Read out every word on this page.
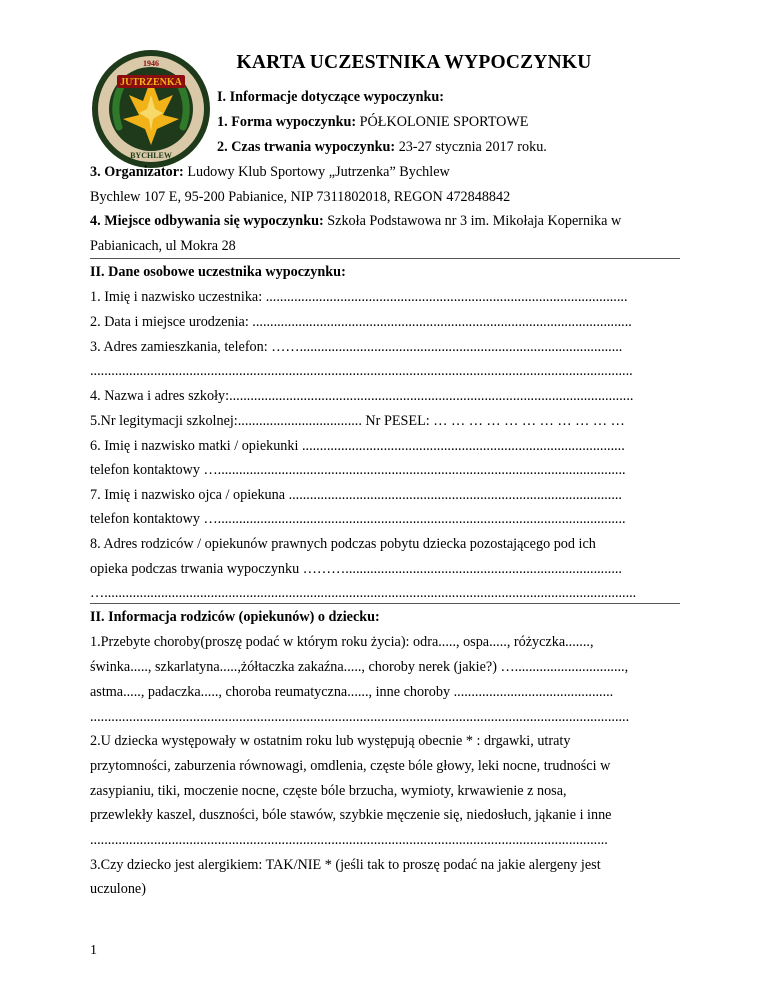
KARTA UCZESTNIKA WYPOCZYNKU
JUTRZENKA
1946
BYCHLEW

I. Informacje dotyczące wypoczynku:

1. Forma wypoczynku: PÓŁKOLONIE SPORTOWE

2. Czas trwania wypoczynku: 23-27 stycznia 2017 roku.

3. Organizator: Ludowy Klub Sportowy „Jutrzenka” Bychlew

Bychlew 107 E, 95-200 Pabianice, NIP 7311802018, REGON 472848842

4. Miejsce odbywania się wypoczynku: Szkoła Podstawowa nr 3 im. Mikołaja Kopernika w

Pabianicach, ul Mokra 28

II. Dane osobowe uczestnika wypoczynku:

1. Imię i nazwisko uczestnika: ......................................................................................................

2. Data i miejsce urodzenia: ...........................................................................................................

3. Adres zamieszkania, telefon: ……...........................................................................................

.........................................................................................................................................................

4. Nazwa i adres szkoły:..................................................................................................................

5.Nr legitymacji szkolnej:................................... Nr PESEL: … … … … … … … … … … …

6. Imię i nazwisko matki / opiekunki ...........................................................................................

telefon kontaktowy …...................................................................................................................

7. Imię i nazwisko ojca / opiekuna ..............................................................................................

telefon kontaktowy …...................................................................................................................

8. Adres rodziców / opiekunów prawnych podczas pobytu dziecka pozostającego pod ich

opieka podczas trwania wypoczynku ………..............................................................................

…......................................................................................................................................................

II. Informacja rodziców (opiekunów) o dziecku:

1.Przebyte choroby(proszę podać w którym roku życia): odra....., ospa....., różyczka.......,

świnka....., szkarlatyna.....,żółtaczka zakaźna....., choroby nerek (jakie?) …...............................,

astma....., padaczka....., choroba reumatyczna......, inne choroby .............................................

........................................................................................................................................................

2.U dziecka występowały w ostatnim roku lub występują obecnie * : drgawki, utraty

przytomności, zaburzenia równowagi, omdlenia, częste bóle głowy, leki nocne, trudności w

zasypianiu, tiki, moczenie nocne, częste bóle brzucha, wymioty, krwawienie z nosa,

przewlekły kaszel, duszności, bóle stawów, szybkie męczenie się, niedosłuch, jąkanie i inne

..................................................................................................................................................

3.Czy dziecko jest alergikiem: TAK/NIE * (jeśli tak to proszę podać na jakie alergeny jest

uczulone)

1
